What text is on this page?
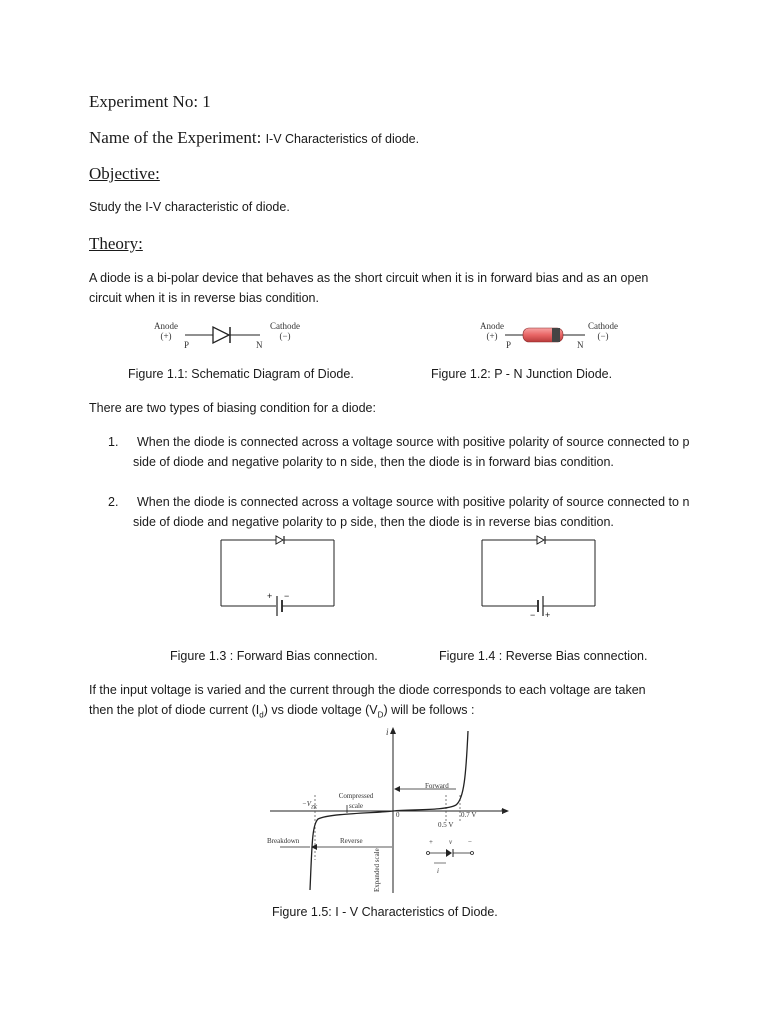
Experiment No: 1
Name of the Experiment: I-V Characteristics of diode.
Objective:
Study the I-V characteristic of diode.
Theory:
A diode is a bi-polar device that behaves as the short circuit when it is in forward bias and as an open circuit when it is in reverse bias condition.
Anode
(+)
P	N
Cathode
(−)
Figure 1.1: Schematic Diagram of Diode.
Anode
(+)
P	N
Cathode
(−)
Figure 1.2: P - N Junction Diode.
There are two types of biasing condition for a diode:
1.	When the diode is connected across a voltage source with positive polarity of source connected to p side of diode and negative polarity to n side, then the diode is in forward bias condition.
2.	When the diode is connected across a voltage source with positive polarity of source connected to n side of diode and negative polarity to p side, then the diode is in reverse bias condition.
+ −
Figure 1.3 : Forward Bias connection.
− +
Figure 1.4 : Reverse Bias connection.
If the input voltage is varied and the current through the diode corresponds to each voltage are taken
then the plot of diode current $(I_d)$ vs diode voltage $(V_D)$ will be follows :
i
v
Forward
Compressed
scale
$-V_{ZK}$
0	0.7 V
0.5 V
Breakdown	Reverse
Expanded scale
+ v −
i
Figure 1.5: I - V Characteristics of Diode.
